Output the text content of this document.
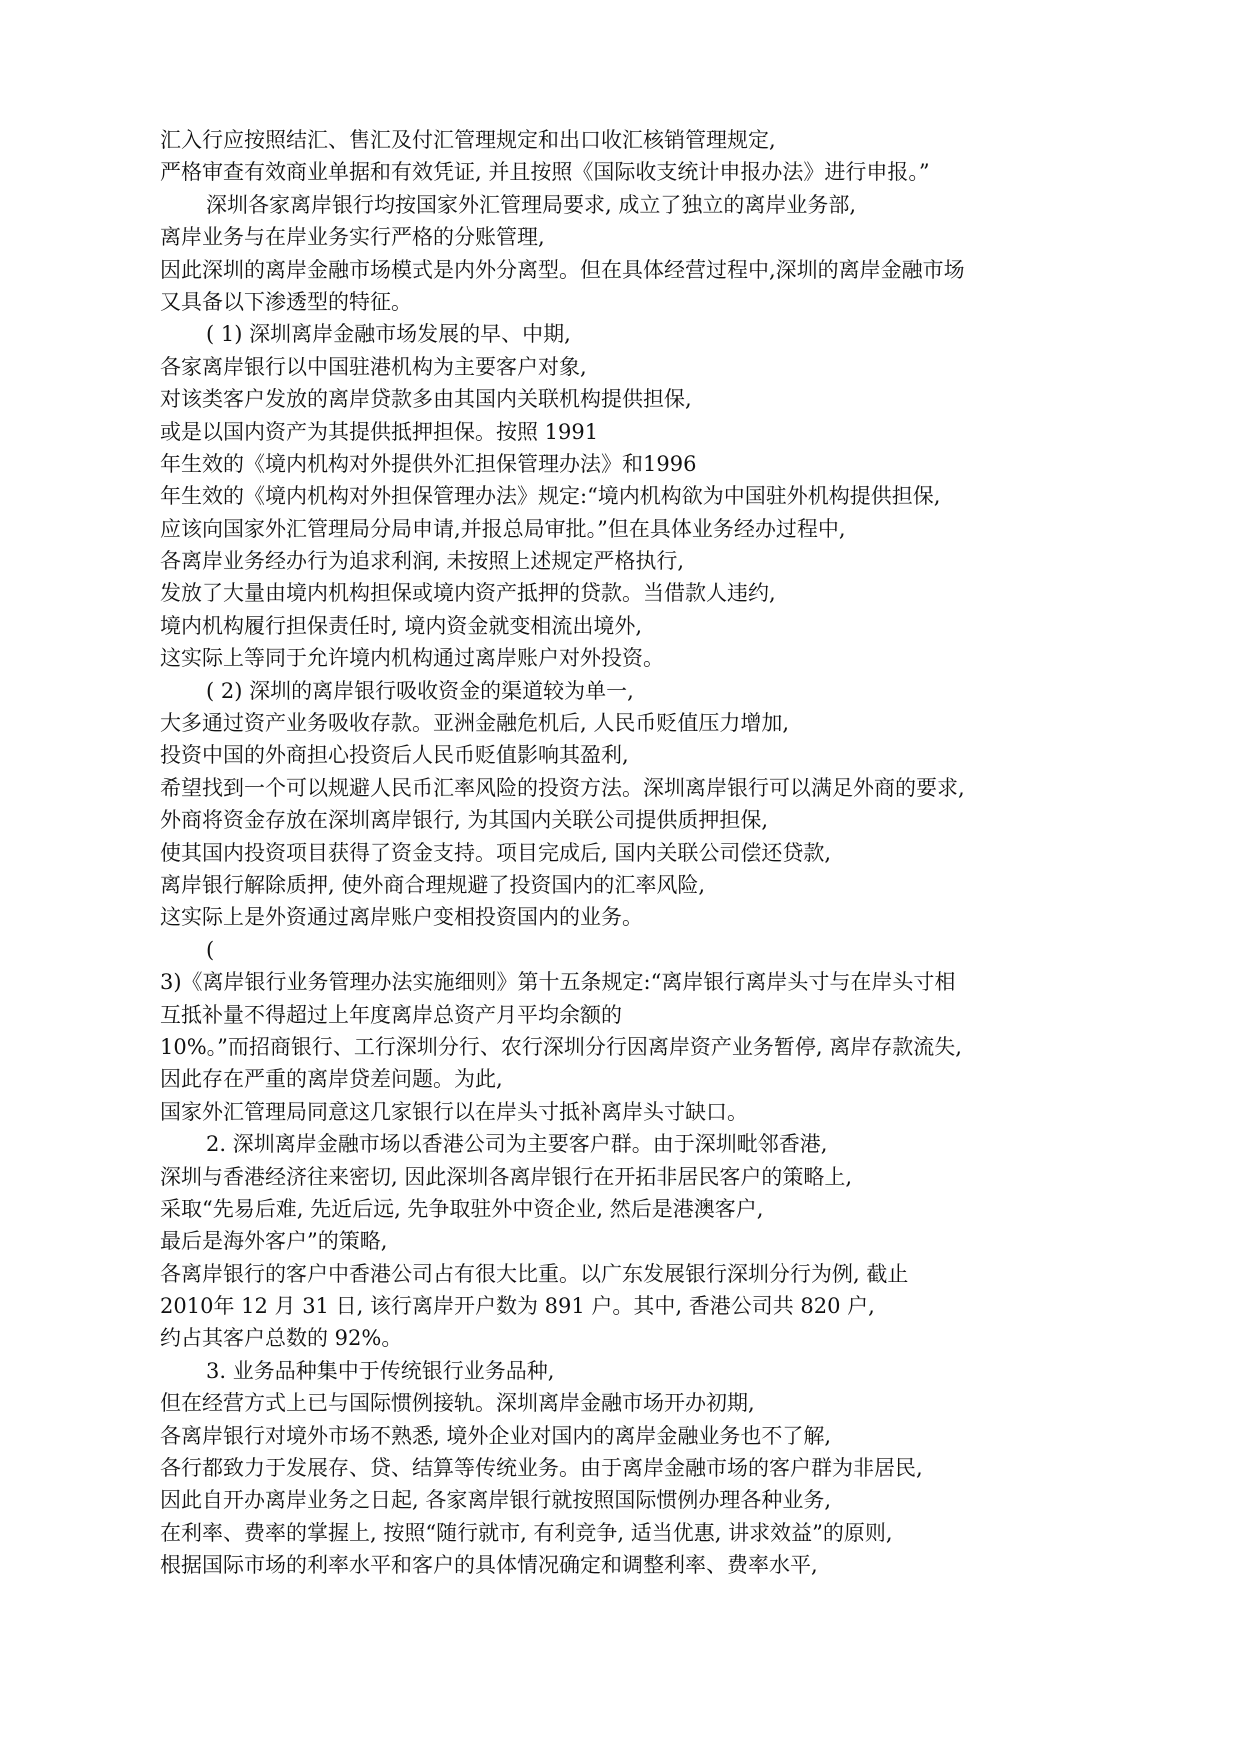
汇入行应按照结汇、售汇及付汇管理规定和出口收汇核销管理规定,
严格审查有效商业单据和有效凭证, 并且按照《国际收支统计申报办法》进行申报。”
深圳各家离岸银行均按国家外汇管理局要求, 成立了独立的离岸业务部,
离岸业务与在岸业务实行严格的分账管理,
因此深圳的离岸金融市场模式是内外分离型。但在具体经营过程中,深圳的离岸金融市场
又具备以下渗透型的特征。
( 1) 深圳离岸金融市场发展的早、中期,
各家离岸银行以中国驻港机构为主要客户对象,
对该类客户发放的离岸贷款多由其国内关联机构提供担保,
或是以国内资产为其提供抵押担保。按照 1991
年生效的《境内机构对外提供外汇担保管理办法》和1996
年生效的《境内机构对外担保管理办法》规定:“境内机构欲为中国驻外机构提供担保,
应该向国家外汇管理局分局申请,并报总局审批。”但在具体业务经办过程中,
各离岸业务经办行为追求利润, 未按照上述规定严格执行,
发放了大量由境内机构担保或境内资产抵押的贷款。当借款人违约,
境内机构履行担保责任时, 境内资金就变相流出境外,
这实际上等同于允许境内机构通过离岸账户对外投资。
( 2) 深圳的离岸银行吸收资金的渠道较为单一,
大多通过资产业务吸收存款。亚洲金融危机后, 人民币贬值压力增加,
投资中国的外商担心投资后人民币贬值影响其盈利,
希望找到一个可以规避人民币汇率风险的投资方法。深圳离岸银行可以满足外商的要求,
外商将资金存放在深圳离岸银行, 为其国内关联公司提供质押担保,
使其国内投资项目获得了资金支持。项目完成后, 国内关联公司偿还贷款,
离岸银行解除质押, 使外商合理规避了投资国内的汇率风险,
这实际上是外资通过离岸账户变相投资国内的业务。
(
3)《离岸银行业务管理办法实施细则》第十五条规定:“离岸银行离岸头寸与在岸头寸相
互抵补量不得超过上年度离岸总资产月平均余额的
10%。”而招商银行、工行深圳分行、农行深圳分行因离岸资产业务暂停, 离岸存款流失,
因此存在严重的离岸贷差问题。为此,
国家外汇管理局同意这几家银行以在岸头寸抵补离岸头寸缺口。
2. 深圳离岸金融市场以香港公司为主要客户群。由于深圳毗邻香港,
深圳与香港经济往来密切, 因此深圳各离岸银行在开拓非居民客户的策略上,
采取“先易后难, 先近后远, 先争取驻外中资企业, 然后是港澳客户,
最后是海外客户”的策略,
各离岸银行的客户中香港公司占有很大比重。以广东发展银行深圳分行为例, 截止
2010年 12 月 31 日, 该行离岸开户数为 891 户。其中, 香港公司共 820 户,
约占其客户总数的 92%。
3. 业务品种集中于传统银行业务品种,
但在经营方式上已与国际惯例接轨。深圳离岸金融市场开办初期,
各离岸银行对境外市场不熟悉, 境外企业对国内的离岸金融业务也不了解,
各行都致力于发展存、贷、结算等传统业务。由于离岸金融市场的客户群为非居民,
因此自开办离岸业务之日起, 各家离岸银行就按照国际惯例办理各种业务,
在利率、费率的掌握上, 按照“随行就市, 有利竞争, 适当优惠, 讲求效益”的原则,
根据国际市场的利率水平和客户的具体情况确定和调整利率、费率水平,
